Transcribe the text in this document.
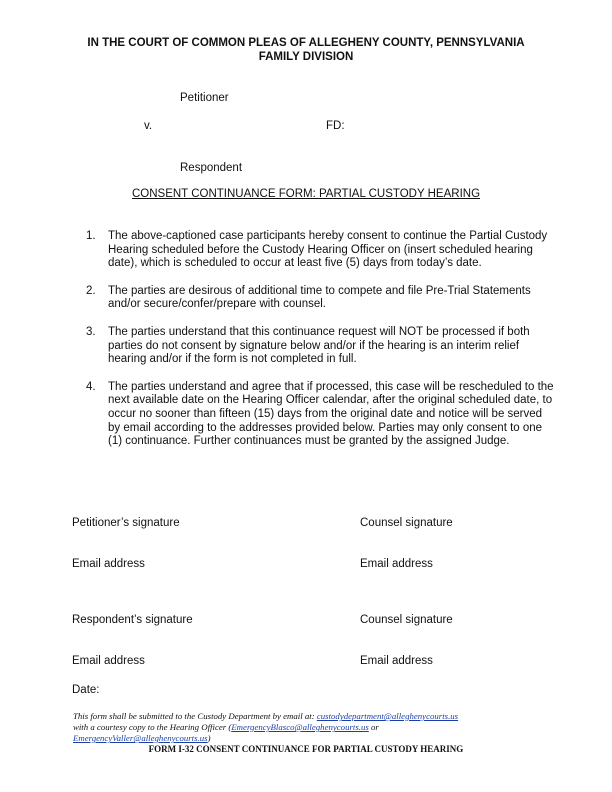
IN THE COURT OF COMMON PLEAS OF ALLEGHENY COUNTY, PENNSYLVANIA
FAMILY DIVISION
Petitioner
v.	FD:
Respondent
CONSENT CONTINUANCE FORM: PARTIAL CUSTODY HEARING
1.	The above-captioned case participants hereby consent to continue the Partial Custody Hearing scheduled before the Custody Hearing Officer on (insert scheduled hearing date), which is scheduled to occur at least five (5) days from today’s date.
2.	The parties are desirous of additional time to compete and file Pre-Trial Statements and/or secure/confer/prepare with counsel.
3.	The parties understand that this continuance request will NOT be processed if both parties do not consent by signature below and/or if the hearing is an interim relief hearing and/or if the form is not completed in full.
4.	The parties understand and agree that if processed, this case will be rescheduled to the next available date on the Hearing Officer calendar, after the original scheduled date, to occur no sooner than fifteen (15) days from the original date and notice will be served by email according to the addresses provided below. Parties may only consent to one (1) continuance. Further continuances must be granted by the assigned Judge.
Petitioner’s signature	Counsel signature
Email address	Email address
Respondent’s signature	Counsel signature
Email address	Email address
Date:
This form shall be submitted to the Custody Department by email at: custodydepartment@alleghenycourts.us
with a courtesy copy to the Hearing Officer (EmergencyBlasco@alleghenycourts.us or
EmergencyValler@alleghenycourts.us)
FORM I-32 CONSENT CONTINUANCE FOR PARTIAL CUSTODY HEARING
